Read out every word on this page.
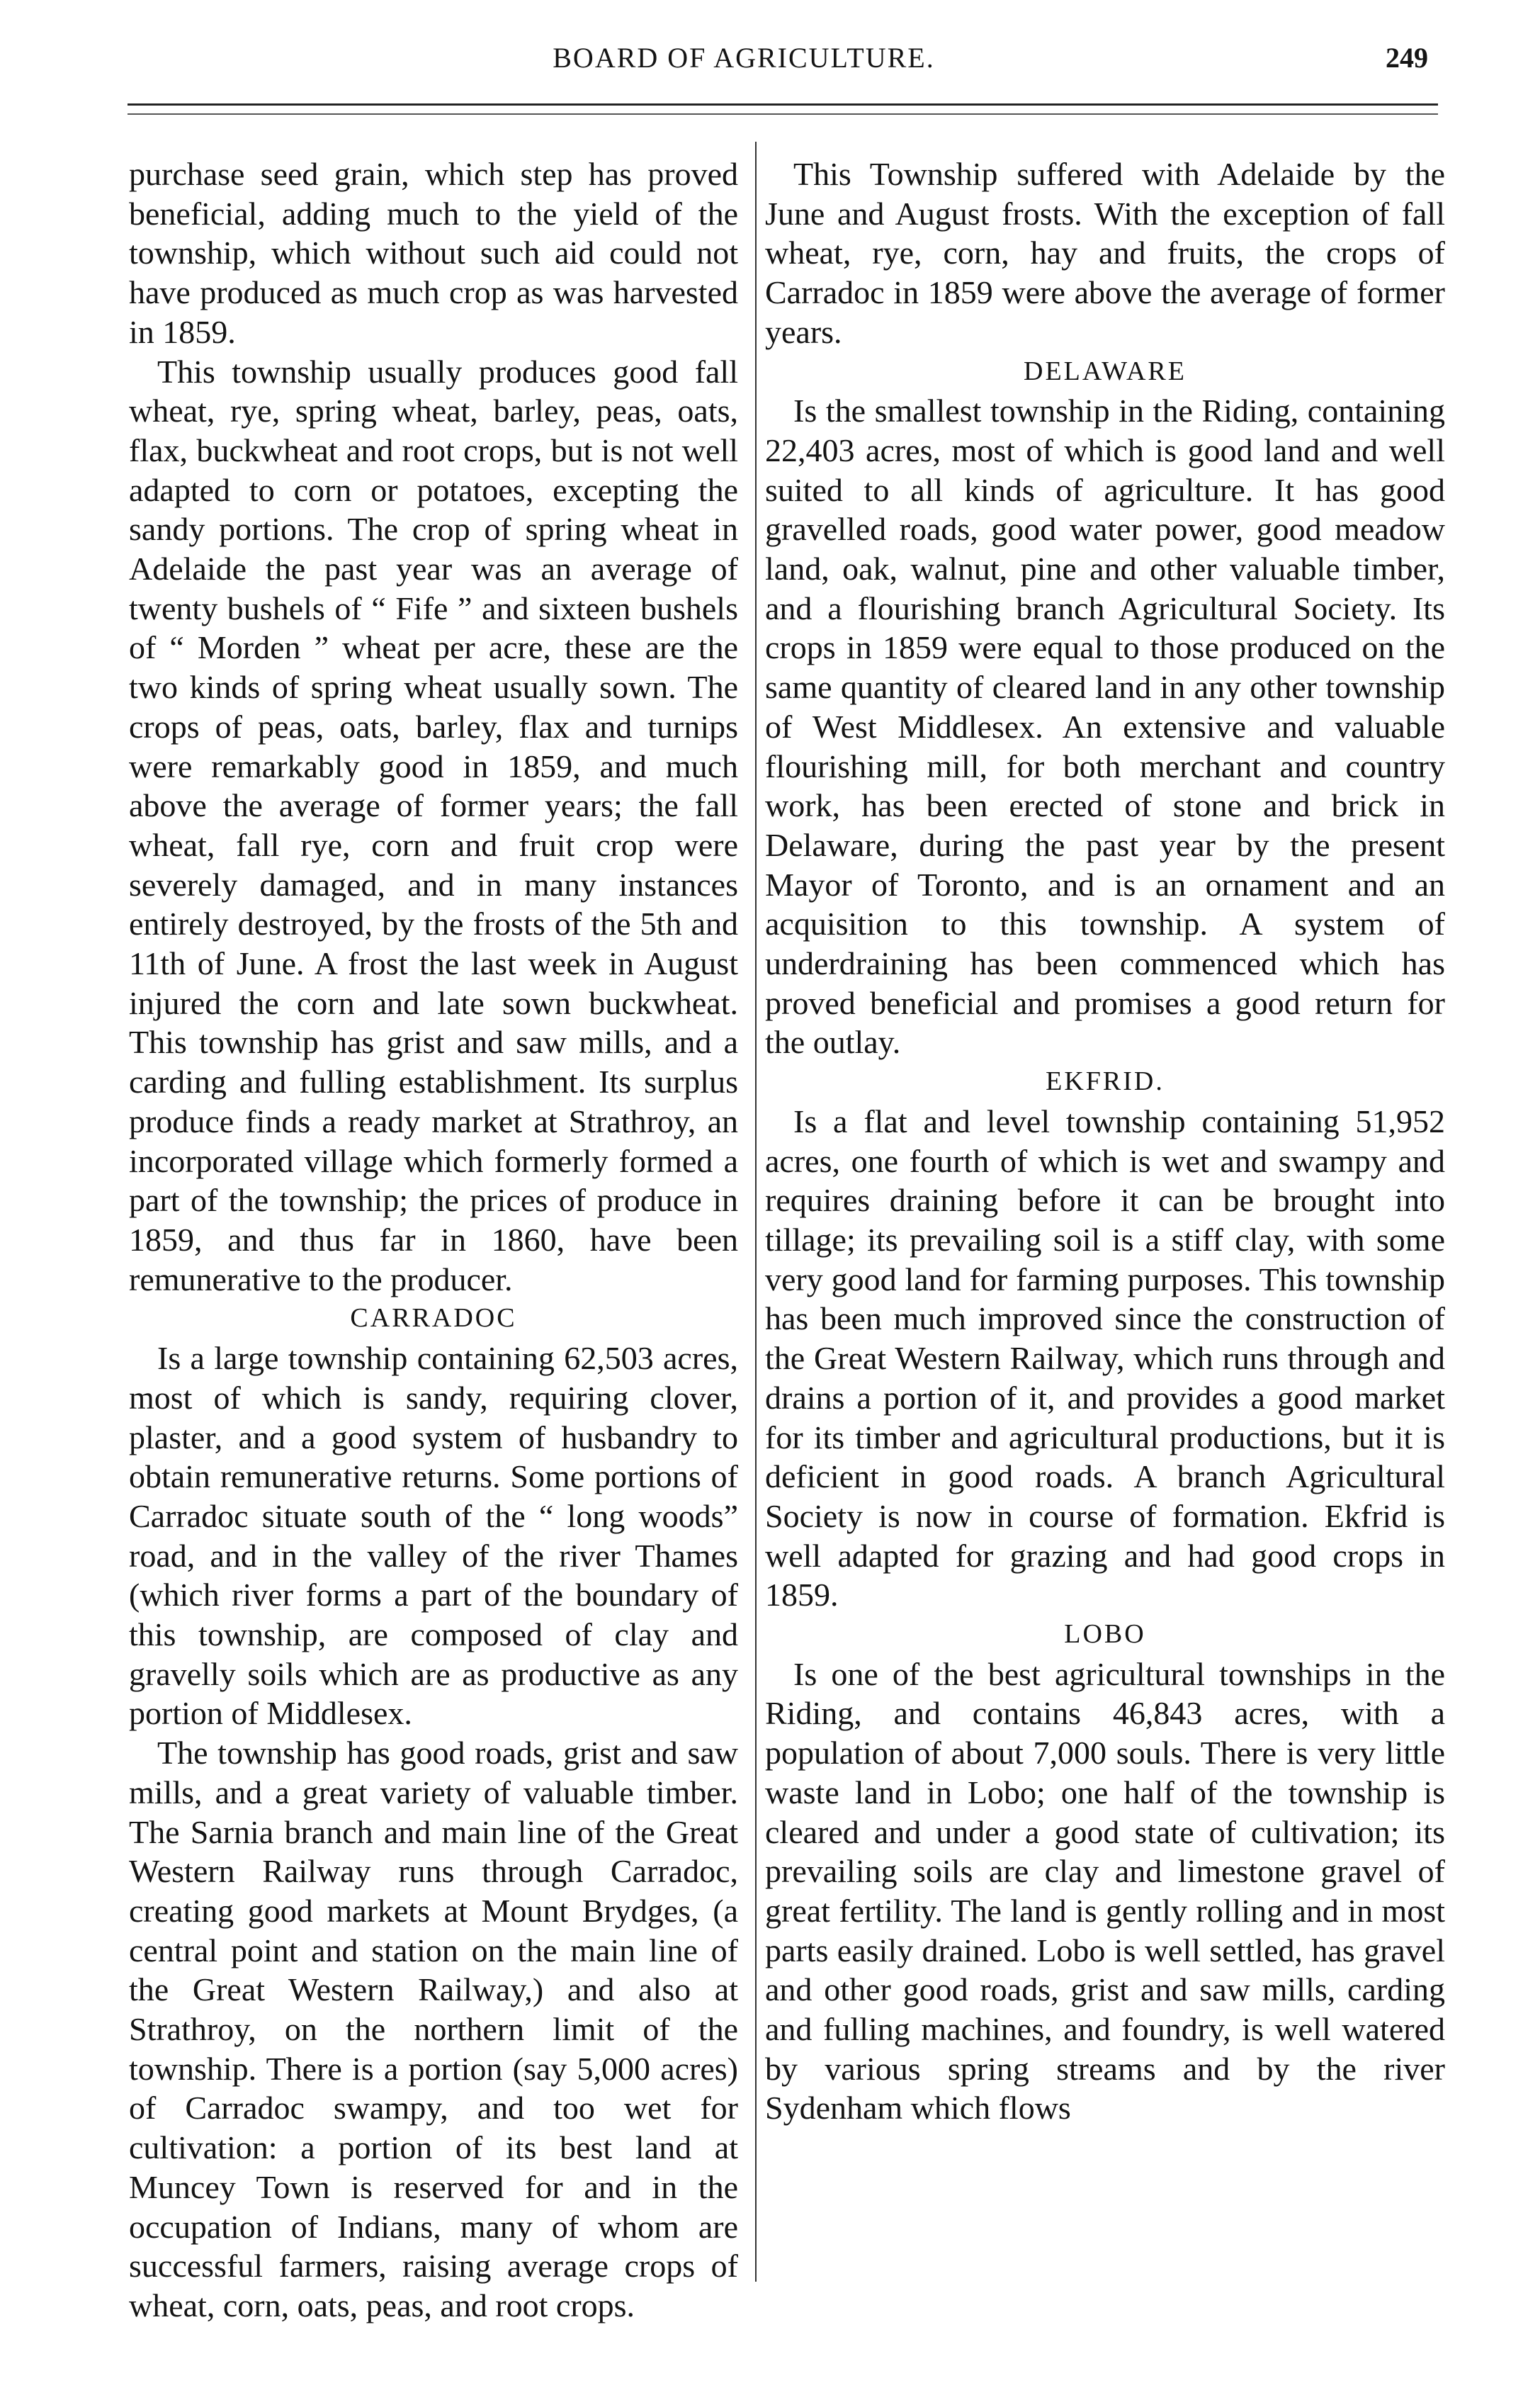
BOARD OF AGRICULTURE.	249

purchase seed grain, which step has proved beneficial, adding much to the yield of the township, which without such aid could not have produced as much crop as was harvested in 1859.

This township usually produces good fall wheat, rye, spring wheat, barley, peas, oats, flax, buckwheat and root crops, but is not well adapted to corn or potatoes, excepting the sandy portions. The crop of spring wheat in Adelaide the past year was an average of twenty bushels of “ Fife ” and sixteen bushels of “ Morden ” wheat per acre, these are the two kinds of spring wheat usually sown. The crops of peas, oats, barley, flax and turnips were remarkably good in 1859, and much above the average of former years; the fall wheat, fall rye, corn and fruit crop were severely damaged, and in many instances entirely destroyed, by the frosts of the 5th and 11th of June. A frost the last week in August injured the corn and late sown buckwheat. This township has grist and saw mills, and a carding and fulling establishment. Its surplus produce finds a ready market at Strathroy, an incorporated village which formerly formed a part of the township; the prices of produce in 1859, and thus far in 1860, have been remunerative to the producer.

CARRADOC

Is a large township containing 62,503 acres, most of which is sandy, requiring clover, plaster, and a good system of husbandry to obtain remunerative returns. Some portions of Carradoc situate south of the “ long woods” road, and in the valley of the river Thames (which river forms a part of the boundary of this township, are composed of clay and gravelly soils which are as productive as any portion of Middlesex.

The township has good roads, grist and saw mills, and a great variety of valuable timber. The Sarnia branch and main line of the Great Western Railway runs through Carradoc, creating good markets at Mount Brydges, (a central point and station on the main line of the Great Western Railway,) and also at Strathroy, on the northern limit of the township. There is a portion (say 5,000 acres) of Carradoc swampy, and too wet for cultivation: a portion of its best land at Muncey Town is reserved for and in the occupation of Indians, many of whom are successful farmers, raising average crops of wheat, corn, oats, peas, and root crops.

This Township suffered with Adelaide by the June and August frosts. With the exception of fall wheat, rye, corn, hay and fruits, the crops of Carradoc in 1859 were above the average of former years.

DELAWARE

Is the smallest township in the Riding, containing 22,403 acres, most of which is good land and well suited to all kinds of agriculture. It has good gravelled roads, good water power, good meadow land, oak, walnut, pine and other valuable timber, and a flourishing branch Agricultural Society. Its crops in 1859 were equal to those produced on the same quantity of cleared land in any other township of West Middlesex. An extensive and valuable flourishing mill, for both merchant and country work, has been erected of stone and brick in Delaware, during the past year by the present Mayor of Toronto, and is an ornament and an acquisition to this township. A system of underdraining has been commenced which has proved beneficial and promises a good return for the outlay.

EKFRID.

Is a flat and level township containing 51,952 acres, one fourth of which is wet and swampy and requires draining before it can be brought into tillage; its prevailing soil is a stiff clay, with some very good land for farming purposes. This township has been much improved since the construction of the Great Western Railway, which runs through and drains a portion of it, and provides a good market for its timber and agricultural productions, but it is deficient in good roads. A branch Agricultural Society is now in course of formation. Ekfrid is well adapted for grazing and had good crops in 1859.

LOBO

Is one of the best agricultural townships in the Riding, and contains 46,843 acres, with a population of about 7,000 souls. There is very little waste land in Lobo; one half of the township is cleared and under a good state of cultivation; its prevailing soils are clay and limestone gravel of great fertility. The land is gently rolling and in most parts easily drained. Lobo is well settled, has gravel and other good roads, grist and saw mills, carding and fulling machines, and foundry, is well watered by various spring streams and by the river Sydenham which flows
